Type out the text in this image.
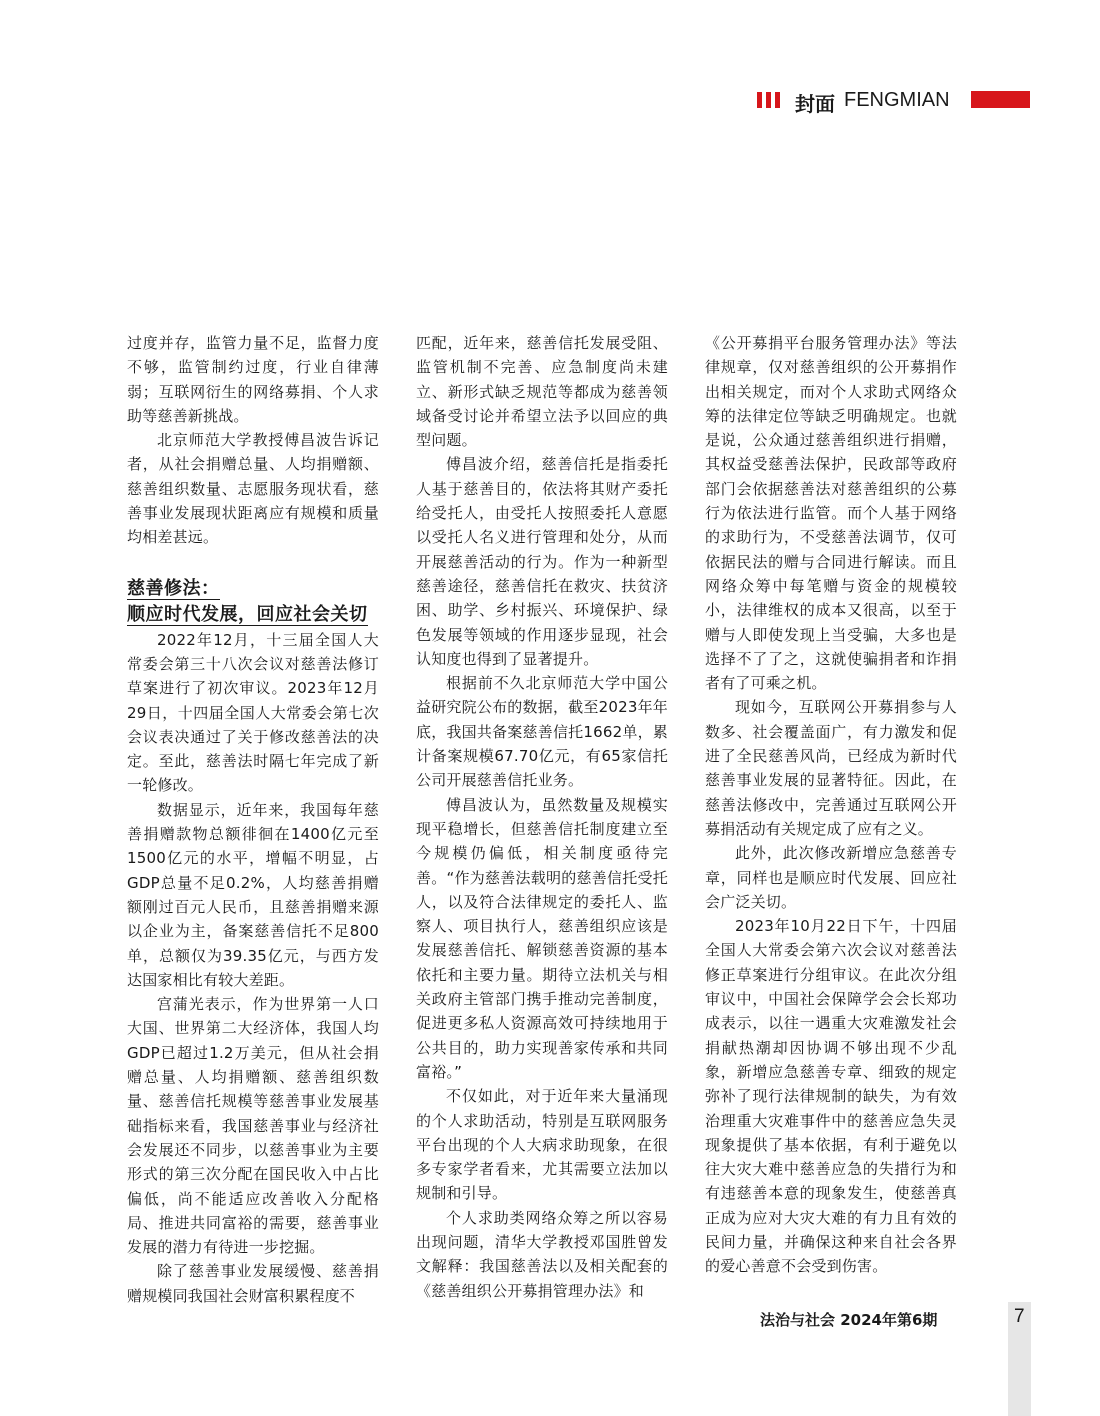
封面 FENGMIAN

过度并存，监管力量不足，监督力度不够，监管制约过度，行业自律薄弱；互联网衍生的网络募捐、个人求助等慈善新挑战。

北京师范大学教授傅昌波告诉记者，从社会捐赠总量、人均捐赠额、慈善组织数量、志愿服务现状看，慈善事业发展现状距离应有规模和质量均相差甚远。

慈善修法：
顺应时代发展，回应社会关切

2022年12月，十三届全国人大常委会第三十八次会议对慈善法修订草案进行了初次审议。2023年12月29日，十四届全国人大常委会第七次会议表决通过了关于修改慈善法的决定。至此，慈善法时隔七年完成了新一轮修改。

数据显示，近年来，我国每年慈善捐赠款物总额徘徊在1400亿元至1500亿元的水平，增幅不明显，占GDP总量不足0.2%，人均慈善捐赠额刚过百元人民币，且慈善捐赠来源以企业为主，备案慈善信托不足800单，总额仅为39.35亿元，与西方发达国家相比有较大差距。

宫蒲光表示，作为世界第一人口大国、世界第二大经济体，我国人均GDP已超过1.2万美元，但从社会捐赠总量、人均捐赠额、慈善组织数量、慈善信托规模等慈善事业发展基础指标来看，我国慈善事业与经济社会发展还不同步，以慈善事业为主要形式的第三次分配在国民收入中占比偏低，尚不能适应改善收入分配格局、推进共同富裕的需要，慈善事业发展的潜力有待进一步挖掘。

除了慈善事业发展缓慢、慈善捐赠规模同我国社会财富积累程度不

匹配，近年来，慈善信托发展受阻、监管机制不完善、应急制度尚未建立、新形式缺乏规范等都成为慈善领域备受讨论并希望立法予以回应的典型问题。

傅昌波介绍，慈善信托是指委托人基于慈善目的，依法将其财产委托给受托人，由受托人按照委托人意愿以受托人名义进行管理和处分，从而开展慈善活动的行为。作为一种新型慈善途径，慈善信托在救灾、扶贫济困、助学、乡村振兴、环境保护、绿色发展等领域的作用逐步显现，社会认知度也得到了显著提升。

根据前不久北京师范大学中国公益研究院公布的数据，截至2023年年底，我国共备案慈善信托1662单，累计备案规模67.70亿元，有65家信托公司开展慈善信托业务。

傅昌波认为，虽然数量及规模实现平稳增长，但慈善信托制度建立至今规模仍偏低，相关制度亟待完善。“作为慈善法载明的慈善信托受托人，以及符合法律规定的委托人、监察人、项目执行人，慈善组织应该是发展慈善信托、解锁慈善资源的基本依托和主要力量。期待立法机关与相关政府主管部门携手推动完善制度，促进更多私人资源高效可持续地用于公共目的，助力实现善家传承和共同富裕。”

不仅如此，对于近年来大量涌现的个人求助活动，特别是互联网服务平台出现的个人大病求助现象，在很多专家学者看来，尤其需要立法加以规制和引导。

个人求助类网络众筹之所以容易出现问题，清华大学教授邓国胜曾发文解释：我国慈善法以及相关配套的《慈善组织公开募捐管理办法》和

《公开募捐平台服务管理办法》等法律规章，仅对慈善组织的公开募捐作出相关规定，而对个人求助式网络众筹的法律定位等缺乏明确规定。也就是说，公众通过慈善组织进行捐赠，其权益受慈善法保护，民政部等政府部门会依据慈善法对慈善组织的公募行为依法进行监管。而个人基于网络的求助行为，不受慈善法调节，仅可依据民法的赠与合同进行解读。而且网络众筹中每笔赠与资金的规模较小，法律维权的成本又很高，以至于赠与人即使发现上当受骗，大多也是选择不了了之，这就使骗捐者和诈捐者有了可乘之机。

现如今，互联网公开募捐参与人数多、社会覆盖面广，有力激发和促进了全民慈善风尚，已经成为新时代慈善事业发展的显著特征。因此，在慈善法修改中，完善通过互联网公开募捐活动有关规定成了应有之义。

此外，此次修改新增应急慈善专章，同样也是顺应时代发展、回应社会广泛关切。

2023年10月22日下午，十四届全国人大常委会第六次会议对慈善法修正草案进行分组审议。在此次分组审议中，中国社会保障学会会长郑功成表示，以往一遇重大灾难激发社会捐献热潮却因协调不够出现不少乱象，新增应急慈善专章、细致的规定弥补了现行法律规制的缺失，为有效治理重大灾难事件中的慈善应急失灵现象提供了基本依据，有利于避免以往大灾大难中慈善应急的失措行为和有违慈善本意的现象发生，使慈善真正成为应对大灾大难的有力且有效的民间力量，并确保这种来自社会各界的爱心善意不会受到伤害。

法治与社会 2024年第6期	7
